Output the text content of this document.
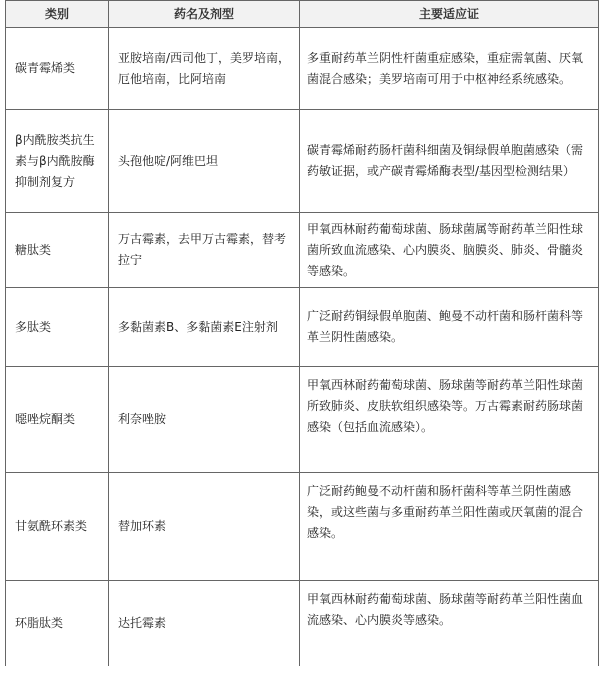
类别	药名及剂型	主要适应证
碳青霉烯类	亚胺培南/西司他丁，美罗培南，厄他培南，比阿培南	多重耐药革兰阴性杆菌重症感染，重症需氧菌、厌氧菌混合感染；美罗培南可用于中枢神经系统感染。
β内酰胺类抗生素与β内酰胺酶抑制剂复方	头孢他啶/阿维巴坦	碳青霉烯耐药肠杆菌科细菌及铜绿假单胞菌感染（需药敏证据，或产碳青霉烯酶表型/基因型检测结果）
糖肽类	万古霉素，去甲万古霉素，替考拉宁	甲氧西林耐药葡萄球菌、肠球菌属等耐药革兰阳性球菌所致血流感染、心内膜炎、脑膜炎、肺炎、骨髓炎等感染。
多肽类	多黏菌素B、多黏菌素E注射剂	广泛耐药铜绿假单胞菌、鲍曼不动杆菌和肠杆菌科等革兰阴性菌感染。
噁唑烷酮类	利奈唑胺	甲氧西林耐药葡萄球菌、肠球菌等耐药革兰阳性球菌所致肺炎、皮肤软组织感染等。万古霉素耐药肠球菌感染（包括血流感染）。
甘氨酰环素类	替加环素	广泛耐药鲍曼不动杆菌和肠杆菌科等革兰阴性菌感染，或这些菌与多重耐药革兰阳性菌或厌氧菌的混合感染。
环脂肽类	达托霉素	甲氧西林耐药葡萄球菌、肠球菌等耐药革兰阳性菌血流感染、心内膜炎等感染。
